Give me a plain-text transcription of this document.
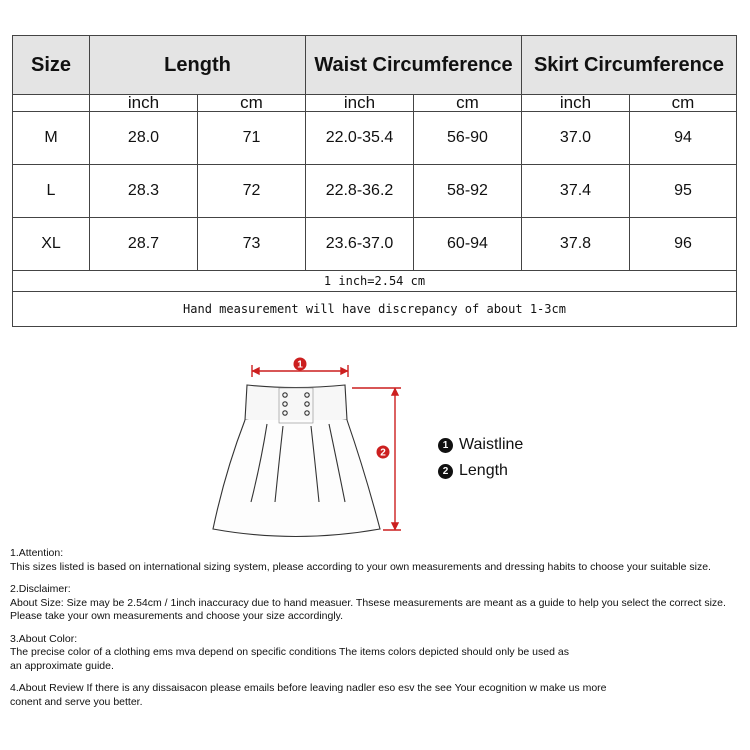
Size	Length		Waist Circumference		Skirt Circumference	
	inch	cm	inch	cm	inch	cm
M	28.0	71	22.0-35.4	56-90	37.0	94
L	28.3	72	22.8-36.2	58-92	37.4	95
XL	28.7	73	23.6-37.0	60-94	37.8	96
1 inch=2.54 cm						
Hand measurement will have discrepancy of about 1-3cm						
1
2
1 Waistline
2 Length
1.Attention:
This sizes listed is based on international sizing system, please according to your own measurements and dressing habits to choose your suitable size.
2.Disclaimer:
About Size: Size may be 2.54cm / 1inch inaccuracy due to hand measuer. Thsese measurements are meant as a guide to help you select the correct size.
Please take your own measurements and choose your size accordingly.
3.About Color:
The precise color of a clothing ems mva depend on specific conditions The items colors depicted should only be used as
an approximate guide.
4.About Review If there is any dissaisacon please emails before leaving nadler eso esv the see Your ecognition w make us more
conent and serve you better.
